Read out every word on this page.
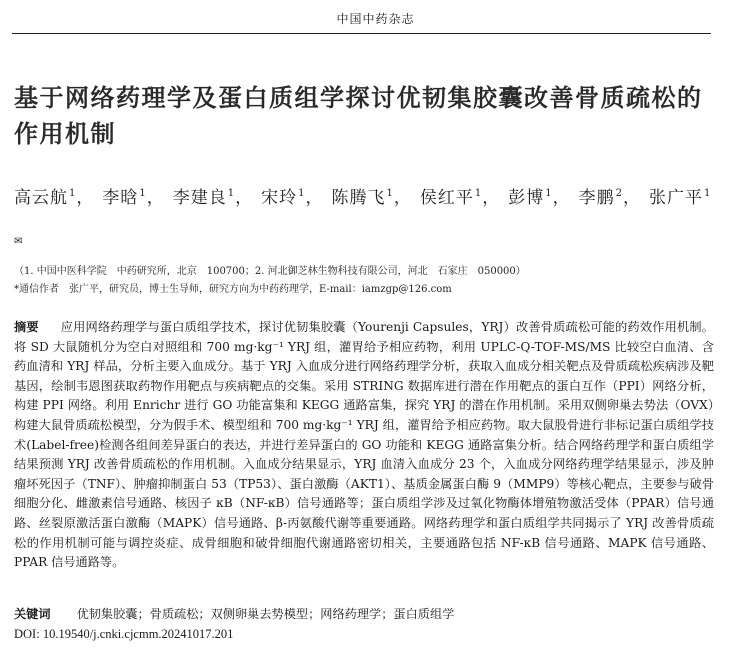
中国中药杂志
基于网络药理学及蛋白质组学探讨优韧集胶囊改善骨质疏松的作用机制
高云航$^1$， 李晗$^1$， 李建良$^1$， 宋玲$^1$， 陈腾飞$^1$， 侯红平$^1$， 彭博$^1$， 李鹏$^2$， 张广平$^{1✉}$
（1. 中国中医科学院　中药研究所，北京　100700；2. 河北御芝林生物科技有限公司，河北　石家庄　050000）
*通信作者　张广平，研究员，博士生导师，研究方向为中药药理学，E-mail：iamzgp@126.com
摘要 应用网络药理学与蛋白质组学技术，探讨优韧集胶囊（Yourenji Capsules，YRJ）改善骨质疏松可能的药效作用机制。将 SD 大鼠随机分为空白对照组和 700 mg·kg⁻¹ YRJ 组，灌胃给予相应药物，利用 UPLC-Q-TOF-MS/MS 比较空白血清、含药血清和 YRJ 样品，分析主要入血成分。基于 YRJ 入血成分进行网络药理学分析，获取入血成分相关靶点及骨质疏松疾病涉及靶基因，绘制韦恩图获取药物作用靶点与疾病靶点的交集。采用 STRING 数据库进行潜在作用靶点的蛋白互作（PPI）网络分析，构建 PPI 网络。利用 Enrichr 进行 GO 功能富集和 KEGG 通路富集，探究 YRJ 的潜在作用机制。采用双侧卵巢去势法（OVX）构建大鼠骨质疏松模型，分为假手术、模型组和 700 mg·kg⁻¹ YRJ 组，灌胃给予相应药物。取大鼠股骨进行非标记蛋白质组学技术(Label-free)检测各组间差异蛋白的表达，并进行差异蛋白的 GO 功能和 KEGG 通路富集分析。结合网络药理学和蛋白质组学结果预测 YRJ 改善骨质疏松的作用机制。入血成分结果显示，YRJ 血清入血成分 23 个，入血成分网络药理学结果显示，涉及肿瘤坏死因子（TNF）、肿瘤抑制蛋白 53（TP53）、蛋白激酶（AKT1）、基质金属蛋白酶 9（MMP9）等核心靶点，主要参与破骨细胞分化、雌激素信号通路、核因子 κB（NF-κB）信号通路等；蛋白质组学涉及过氧化物酶体增殖物激活受体（PPAR）信号通路、丝裂原激活蛋白激酶（MAPK）信号通路、β-丙氨酸代谢等重要通路。网络药理学和蛋白质组学共同揭示了 YRJ 改善骨质疏松的作用机制可能与调控炎症、成骨细胞和破骨细胞代谢通路密切相关，主要通路包括 NF-κB 信号通路、MAPK 信号通路、PPAR 信号通路等。
关键词 优韧集胶囊；骨质疏松；双侧卵巢去势模型；网络药理学；蛋白质组学
DOI: 10.19540/j.cnki.cjcmm.20241017.201
